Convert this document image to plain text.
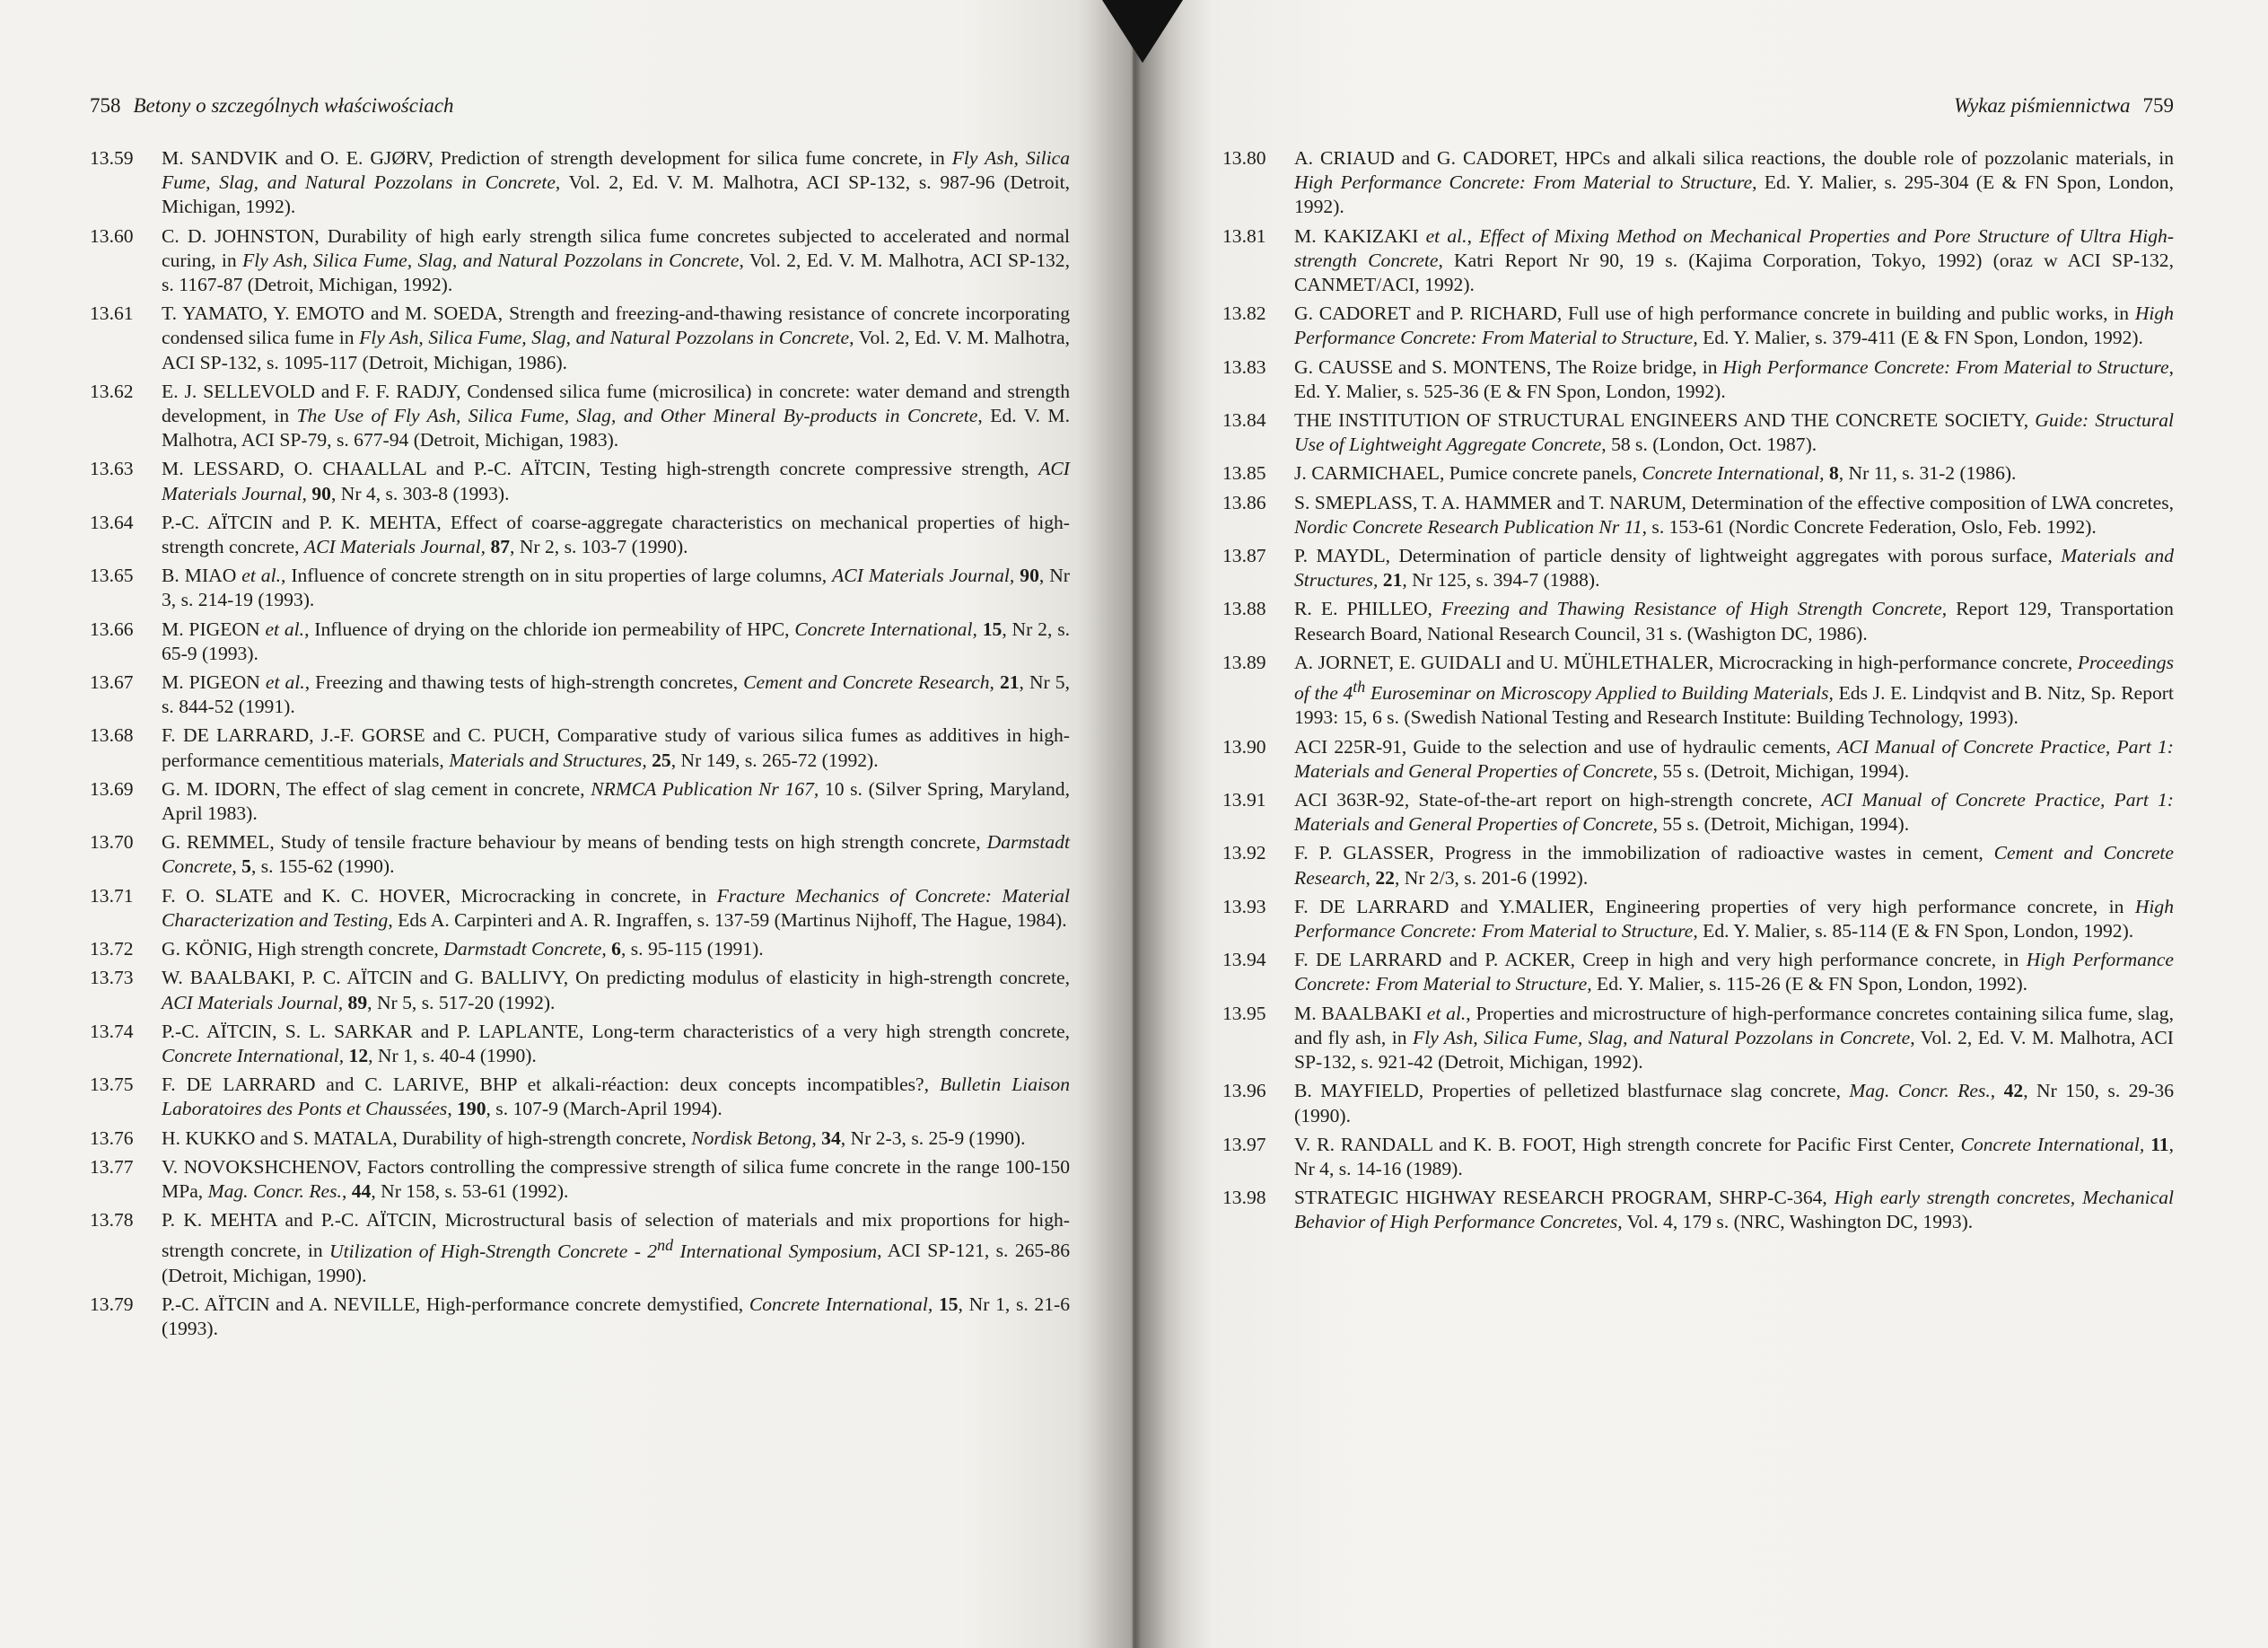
758 Betony o szczególnych właściwościach
13.59	M. SANDVIK and O. E. GJØRV, Prediction of strength development for silica fume concrete, in Fly Ash, Silica Fume, Slag, and Natural Pozzolans in Concrete, Vol. 2, Ed. V. M. Malhotra, ACI SP-132, s. 987-96 (Detroit, Michigan, 1992).
13.60	C. D. JOHNSTON, Durability of high early strength silica fume concretes subjected to accelerated and normal curing, in Fly Ash, Silica Fume, Slag, and Natural Pozzolans in Concrete, Vol. 2, Ed. V. M. Malhotra, ACI SP-132, s. 1167-87 (Detroit, Michigan, 1992).
13.61	T. YAMATO, Y. EMOTO and M. SOEDA, Strength and freezing-and-thawing resistance of concrete incorporating condensed silica fume in Fly Ash, Silica Fume, Slag, and Natural Pozzolans in Concrete, Vol. 2, Ed. V. M. Malhotra, ACI SP-132, s. 1095-117 (Detroit, Michigan, 1986).
13.62	E. J. SELLEVOLD and F. F. RADJY, Condensed silica fume (microsilica) in concrete: water demand and strength development, in The Use of Fly Ash, Silica Fume, Slag, and Other Mineral By-products in Concrete, Ed. V. M. Malhotra, ACI SP-79, s. 677-94 (Detroit, Michigan, 1983).
13.63	M. LESSARD, O. CHAALLAL and P.-C. AÏTCIN, Testing high-strength concrete compressive strength, ACI Materials Journal, 90, Nr 4, s. 303-8 (1993).
13.64	P.-C. AÏTCIN and P. K. MEHTA, Effect of coarse-aggregate characteristics on mechanical properties of high-strength concrete, ACI Materials Journal, 87, Nr 2, s. 103-7 (1990).
13.65	B. MIAO et al., Influence of concrete strength on in situ properties of large columns, ACI Materials Journal, 90, Nr 3, s. 214-19 (1993).
13.66	M. PIGEON et al., Influence of drying on the chloride ion permeability of HPC, Concrete International, 15, Nr 2, s. 65-9 (1993).
13.67	M. PIGEON et al., Freezing and thawing tests of high-strength concretes, Cement and Concrete Research, 21, Nr 5, s. 844-52 (1991).
13.68	F. DE LARRARD, J.-F. GORSE and C. PUCH, Comparative study of various silica fumes as additives in high-performance cementitious materials, Materials and Structures, 25, Nr 149, s. 265-72 (1992).
13.69	G. M. IDORN, The effect of slag cement in concrete, NRMCA Publication Nr 167, 10 s. (Silver Spring, Maryland, April 1983).
13.70	G. REMMEL, Study of tensile fracture behaviour by means of bending tests on high strength concrete, Darmstadt Concrete, 5, s. 155-62 (1990).
13.71	F. O. SLATE and K. C. HOVER, Microcracking in concrete, in Fracture Mechanics of Concrete: Material Characterization and Testing, Eds A. Carpinteri and A. R. Ingraffen, s. 137-59 (Martinus Nijhoff, The Hague, 1984).
13.72	G. KÖNIG, High strength concrete, Darmstadt Concrete, 6, s. 95-115 (1991).
13.73	W. BAALBAKI, P. C. AÏTCIN and G. BALLIVY, On predicting modulus of elasticity in high-strength concrete, ACI Materials Journal, 89, Nr 5, s. 517-20 (1992).
13.74	P.-C. AÏTCIN, S. L. SARKAR and P. LAPLANTE, Long-term characteristics of a very high strength concrete, Concrete International, 12, Nr 1, s. 40-4 (1990).
13.75	F. DE LARRARD and C. LARIVE, BHP et alkali-réaction: deux concepts incompatibles?, Bulletin Liaison Laboratoires des Ponts et Chaussées, 190, s. 107-9 (March-April 1994).
13.76	H. KUKKO and S. MATALA, Durability of high-strength concrete, Nordisk Betong, 34, Nr 2-3, s. 25-9 (1990).
13.77	V. NOVOKSHCHENOV, Factors controlling the compressive strength of silica fume concrete in the range 100-150 MPa, Mag. Concr. Res., 44, Nr 158, s. 53-61 (1992).
13.78	P. K. MEHTA and P.-C. AÏTCIN, Microstructural basis of selection of materials and mix proportions for high-strength concrete, in Utilization of High-Strength Concrete - 2nd International Symposium, ACI SP-121, s. 265-86 (Detroit, Michigan, 1990).
13.79	P.-C. AÏTCIN and A. NEVILLE, High-performance concrete demystified, Concrete International, 15, Nr 1, s. 21-6 (1993).
Wykaz piśmiennictwa 759
13.80	A. CRIAUD and G. CADORET, HPCs and alkali silica reactions, the double role of pozzolanic materials, in High Performance Concrete: From Material to Structure, Ed. Y. Malier, s. 295-304 (E & FN Spon, London, 1992).
13.81	M. KAKIZAKI et al., Effect of Mixing Method on Mechanical Properties and Pore Structure of Ultra High-strength Concrete, Katri Report Nr 90, 19 s. (Kajima Corporation, Tokyo, 1992) (oraz w ACI SP-132, CANMET/ACI, 1992).
13.82	G. CADORET and P. RICHARD, Full use of high performance concrete in building and public works, in High Performance Concrete: From Material to Structure, Ed. Y. Malier, s. 379-411 (E & FN Spon, London, 1992).
13.83	G. CAUSSE and S. MONTENS, The Roize bridge, in High Performance Concrete: From Material to Structure, Ed. Y. Malier, s. 525-36 (E & FN Spon, London, 1992).
13.84	THE INSTITUTION OF STRUCTURAL ENGINEERS AND THE CONCRETE SOCIETY, Guide: Structural Use of Lightweight Aggregate Concrete, 58 s. (London, Oct. 1987).
13.85	J. CARMICHAEL, Pumice concrete panels, Concrete International, 8, Nr 11, s. 31-2 (1986).
13.86	S. SMEPLASS, T. A. HAMMER and T. NARUM, Determination of the effective composition of LWA concretes, Nordic Concrete Research Publication Nr 11, s. 153-61 (Nordic Concrete Federation, Oslo, Feb. 1992).
13.87	P. MAYDL, Determination of particle density of lightweight aggregates with porous surface, Materials and Structures, 21, Nr 125, s. 394-7 (1988).
13.88	R. E. PHILLEO, Freezing and Thawing Resistance of High Strength Concrete, Report 129, Transportation Research Board, National Research Council, 31 s. (Washigton DC, 1986).
13.89	A. JORNET, E. GUIDALI and U. MÜHLETHALER, Microcracking in high-performance concrete, Proceedings of the 4th Euroseminar on Microscopy Applied to Building Materials, Eds J. E. Lindqvist and B. Nitz, Sp. Report 1993: 15, 6 s. (Swedish National Testing and Research Institute: Building Technology, 1993).
13.90	ACI 225R-91, Guide to the selection and use of hydraulic cements, ACI Manual of Concrete Practice, Part 1: Materials and General Properties of Concrete, 55 s. (Detroit, Michigan, 1994).
13.91	ACI 363R-92, State-of-the-art report on high-strength concrete, ACI Manual of Concrete Practice, Part 1: Materials and General Properties of Concrete, 55 s. (Detroit, Michigan, 1994).
13.92	F. P. GLASSER, Progress in the immobilization of radioactive wastes in cement, Cement and Concrete Research, 22, Nr 2/3, s. 201-6 (1992).
13.93	F. DE LARRARD and Y.MALIER, Engineering properties of very high performance concrete, in High Performance Concrete: From Material to Structure, Ed. Y. Malier, s. 85-114 (E & FN Spon, London, 1992).
13.94	F. DE LARRARD and P. ACKER, Creep in high and very high performance concrete, in High Performance Concrete: From Material to Structure, Ed. Y. Malier, s. 115-26 (E & FN Spon, London, 1992).
13.95	M. BAALBAKI et al., Properties and microstructure of high-performance concretes containing silica fume, slag, and fly ash, in Fly Ash, Silica Fume, Slag, and Natural Pozzolans in Concrete, Vol. 2, Ed. V. M. Malhotra, ACI SP-132, s. 921-42 (Detroit, Michigan, 1992).
13.96	B. MAYFIELD, Properties of pelletized blastfurnace slag concrete, Mag. Concr. Res., 42, Nr 150, s. 29-36 (1990).
13.97	V. R. RANDALL and K. B. FOOT, High strength concrete for Pacific First Center, Concrete International, 11, Nr 4, s. 14-16 (1989).
13.98	STRATEGIC HIGHWAY RESEARCH PROGRAM, SHRP-C-364, High early strength concretes, Mechanical Behavior of High Performance Concretes, Vol. 4, 179 s. (NRC, Washington DC, 1993).
